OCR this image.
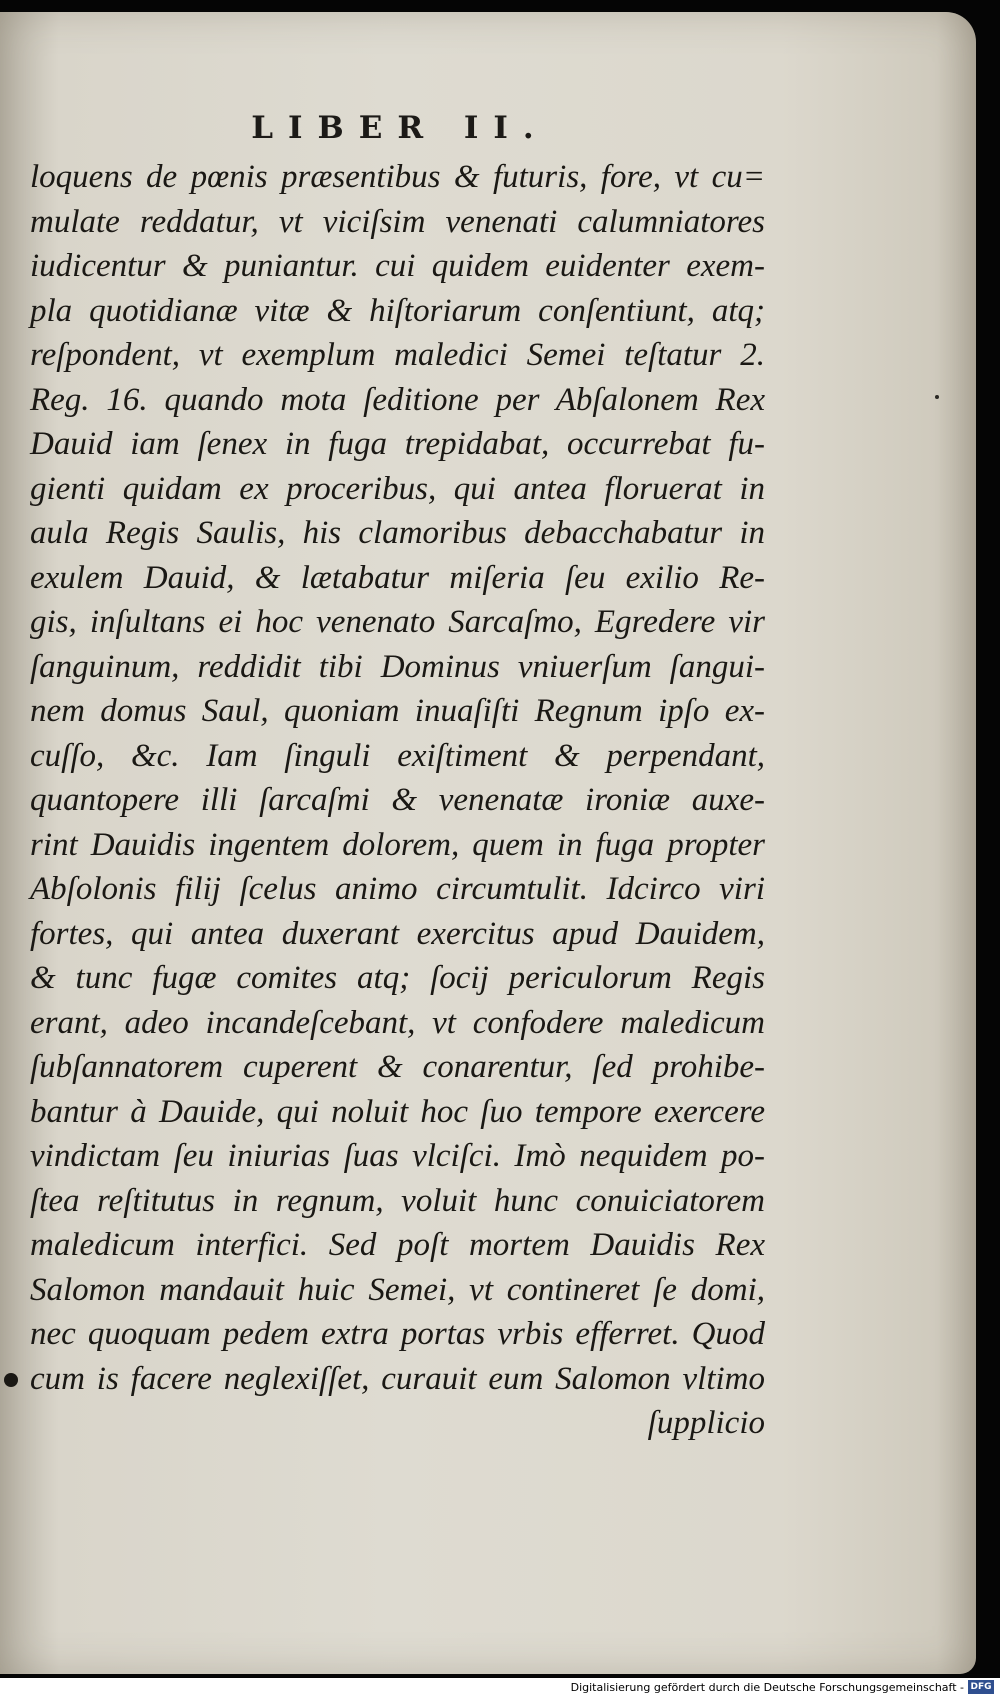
LIBER II.
loquens de pœnis præsentibus & futuris, fore, vt cu=
mulate reddatur, vt viciſsim venenati calumniatores
iudicentur & puniantur. cui quidem euidenter exem-
pla quotidianæ vitæ & hiſtoriarum conſentiunt, atq;
reſpondent, vt exemplum maledici Semei teſtatur 2.
Reg. 16. quando mota ſeditione per Abſalonem Rex
Dauid iam ſenex in fuga trepidabat, occurrebat fu-
gienti quidam ex proceribus, qui antea floruerat in
aula Regis Saulis, his clamoribus debacchabatur in
exulem Dauid, & lætabatur miſeria ſeu exilio Re-
gis, inſultans ei hoc venenato Sarcaſmo, Egredere vir
ſanguinum, reddidit tibi Dominus vniuerſum ſangui-
nem domus Saul, quoniam inuaſiſti Regnum ipſo ex-
cuſſo, &c. Iam ſinguli exiſtiment & perpendant,
quantopere illi ſarcaſmi & venenatæ ironiæ auxe-
rint Dauidis ingentem dolorem, quem in fuga propter
Abſolonis filij ſcelus animo circumtulit. Idcirco viri
fortes, qui antea duxerant exercitus apud Dauidem,
& tunc fugæ comites atq; ſocij periculorum Regis
erant, adeo incandeſcebant, vt confodere maledicum
ſubſannatorem cuperent & conarentur, ſed prohibe-
bantur à Dauide, qui noluit hoc ſuo tempore exercere
vindictam ſeu iniurias ſuas vlciſci. Imò nequidem po-
ſtea reſtitutus in regnum, voluit hunc conuiciatorem
maledicum interfici. Sed poſt mortem Dauidis Rex
Salomon mandauit huic Semei, vt contineret ſe domi,
nec quoquam pedem extra portas vrbis efferret. Quod
cum is facere neglexiſſet, curauit eum Salomon vltimo
ſupplicio
Digitalisierung gefördert durch die Deutsche Forschungsgemeinschaft - DFG
